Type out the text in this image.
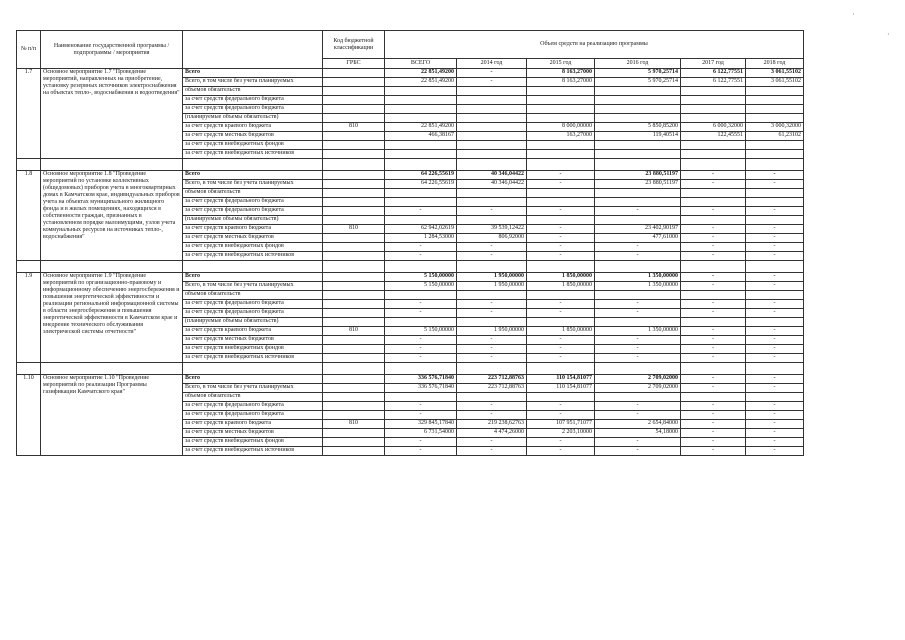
·
·
№ п/п	Наименование государственной программы / подпрограммы / мероприятия		Код бюджетной классификации	Объем средств на реализацию программы					
			ГРБС	ВСЕГО	2014 год	2015 год	2016 год	2017 год	2018 год
1.7	Основное мероприятие 1.7 "Проведение мероприятий, направленных на приобретение, установку резервных источников электроснабжения на объектах тепло-, водоснабжения и водоотведения"	Всего		22 851,49200	-	8 163,27000	5 970,25714	6 122,77551	3 061,55102
		Всего, в том числе без учета планируемых		22 851,49200	-	8 163,27000	5 970,25714	6 122,77551	3 061,55102
		объемов обязательств							
		за счет средств федерального бюджета							
		за счет средств федерального бюджета							
		(планируемые объемы обязательств)							
		за счет средств краевого бюджета	810	22 851,49200		8 000,00000	5 850,85200	6 000,32000	3 000,32000
		за счет средств местных бюджетов		466,38167		163,27000	119,40514	122,45551	61,23102
		за счет средств внебюджетных фондов							
		за счет средств внебюджетных источников							

1.8	Основное мероприятие 1.8 "Проведение мероприятий по установке коллективных (общедомовых) приборов учета в многоквартирных домах в Камчатском крае, индивидуальных приборов учета на объектах муниципального жилищного фонда и в жилых помещениях, находящихся в собственности граждан, признанных в установленном порядке малоимущими, узлов учета коммунальных ресурсов на источниках тепло-, водоснабжения"	Всего		64 226,55619	40 346,04422	-	23 880,51197	-	-
		Всего, в том числе без учета планируемых		64 226,55619	40 346,04422	-	23 880,51197	-	-
		объемов обязательств							
		за счет средств федерального бюджета							
		за счет средств федерального бюджета		-	-	-	-	-	-
		(планируемые объемы обязательств)							
		за счет средств краевого бюджета	810	62 942,02619	39 539,12422	-	23 402,90197	-	-
		за счет средств местных бюджетов		1 284,53000	806,92000	-	477,61000	-	-
		за счет средств внебюджетных фондов		-	-	-	-	-	-
		за счет средств внебюджетных источников		-	-	-	-	-	-

1.9	Основное мероприятие 1.9 "Проведение мероприятий по организационно-правовому и информационному обеспечению энергосбережения и повышения энергетической эффективности и реализации региональной информационной системы в области энергосбережения и повышения энергетической эффективности в Камчатском крае и внедрение технического обслуживания электрической системы отчетности"	Всего		5 150,00000	1 950,00000	1 850,00000	1 350,00000	-	-
		Всего, в том числе без учета планируемых		5 150,00000	1 950,00000	1 850,00000	1 350,00000	-	-
		объемов обязательств							
		за счет средств федерального бюджета		-	-	-	-	-	-
		за счет средств федерального бюджета		-	-	-	-	-	-
		(планируемые объемы обязательств)							
		за счет средств краевого бюджета	810	5 150,00000	1 950,00000	1 850,00000	1 350,00000	-	-
		за счет средств местных бюджетов		-	-	-	-	-	-
		за счет средств внебюджетных фондов		-	-	-	-	-	-
		за счет средств внебюджетных источников		-	-	-	-	-	-

1.10	Основное мероприятие 1.10 "Проведение мероприятий по реализации Программы газификации Камчатского края"	Всего		336 576,71840	223 712,88763	110 154,81077	2 709,02000	-	-
		Всего, в том числе без учета планируемых		336 576,71840	223 712,88763	110 154,81077	2 709,02000	-	-
		объемов обязательств							
		за счет средств федерального бюджета		-	-	-	-	-	-
		за счет средств федерального бюджета		-	-	-	-	-	-
		за счет средств краевого бюджета	810	329 845,17840	219 238,62763	107 951,71077	2 654,84000	-	-
		за счет средств местных бюджетов		6 731,54000	4 474,26000	2 203,10000	54,18000	-	-
		за счет средств внебюджетных фондов		-	-	-	-	-	-
		за счет средств внебюджетных источников		-	-	-	-	-	-
